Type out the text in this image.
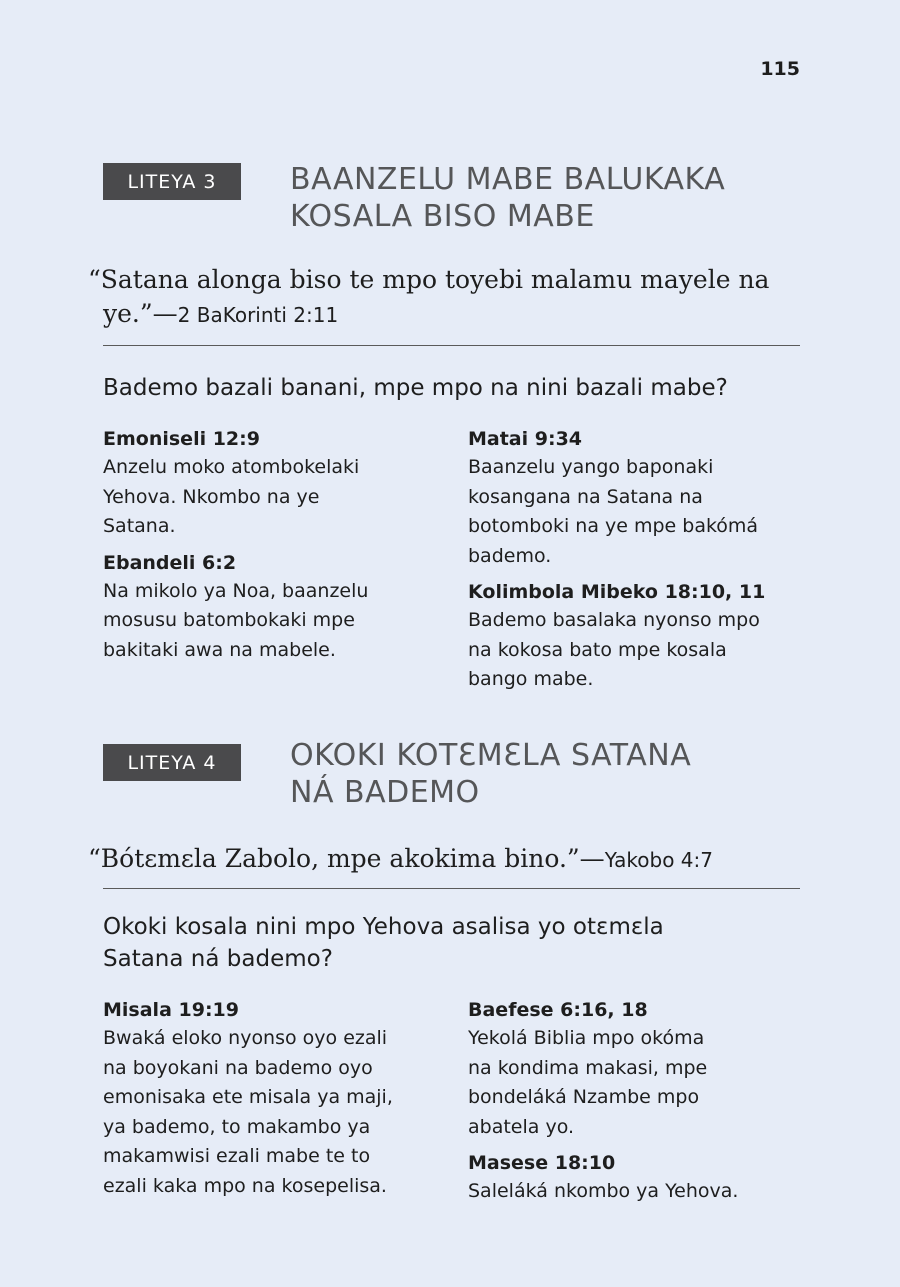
115
LITEYA 3 BAANZELU MABE BALUKAKA
KOSALA BISO MABE
“Satana alonga biso te mpo toyebi malamu mayele na
ye.”—2 BaKorinti 2:11
Bademo bazali banani, mpe mpo na nini bazali mabe?
Emoniseli 12:9
Anzelu moko atombokelaki
Yehova. Nkombo na ye
Satana.
Ebandeli 6:2
Na mikolo ya Noa, baanzelu
mosusu batombokaki mpe
bakitaki awa na mabele.
Matai 9:34
Baanzelu yango baponaki
kosangana na Satana na
botomboki na ye mpe bakómá
bademo.
Kolimbola Mibeko 18:10, 11
Bademo basalaka nyonso mpo
na kokosa bato mpe kosala
bango mabe.
LITEYA 4 OKOKI KOTƐMƐLA SATANA
NÁ BADEMO
“Bótɛmɛla Zabolo, mpe akokima bino.”—Yakobo 4:7
Okoki kosala nini mpo Yehova asalisa yo otɛmɛla
Satana ná bademo?
Misala 19:19
Bwaká eloko nyonso oyo ezali
na boyokani na bademo oyo
emonisaka ete misala ya maji,
ya bademo, to makambo ya
makamwisi ezali mabe te to
ezali kaka mpo na kosepelisa.
Baefese 6:16, 18
Yekolá Biblia mpo okóma
na kondima makasi, mpe
bondeláká Nzambe mpo
abatela yo.
Masese 18:10
Saleláká nkombo ya Yehova.
